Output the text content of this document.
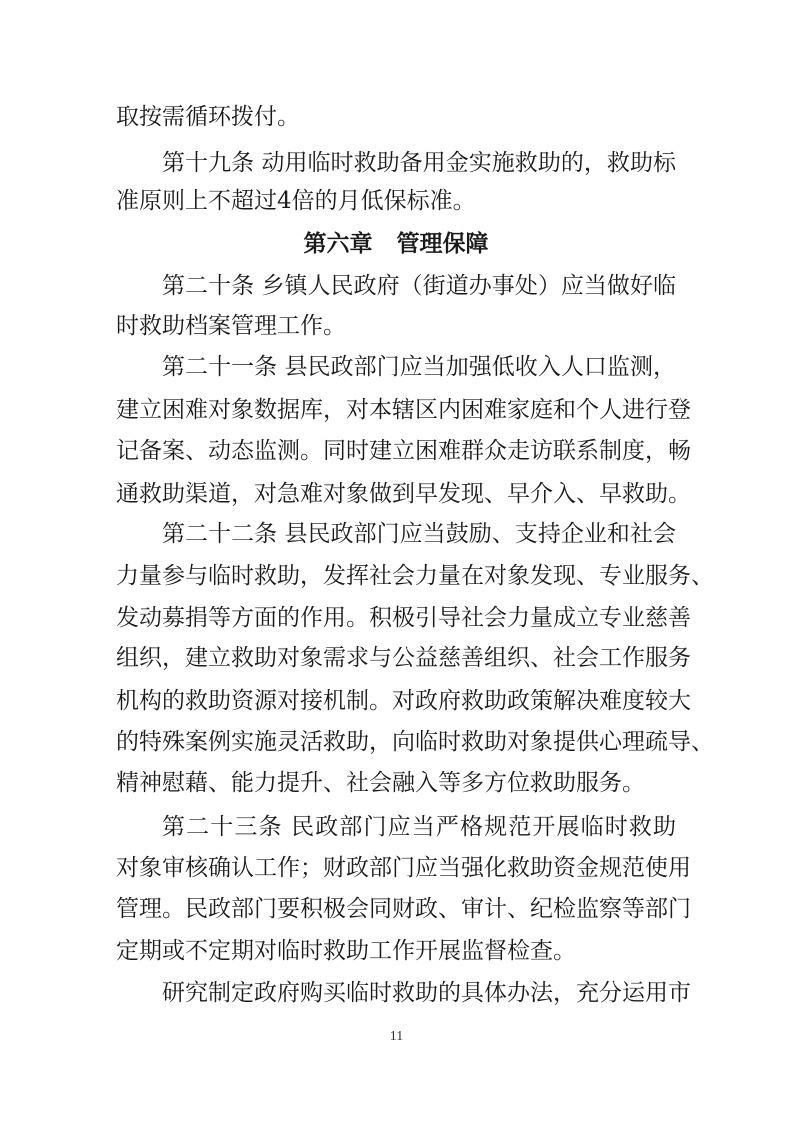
取按需循环拨付。
第十九条 动用临时救助备用金实施救助的，救助标
准原则上不超过4倍的月低保标准。
第六章   管理保障
第二十条 乡镇人民政府（街道办事处）应当做好临
时救助档案管理工作。
第二十一条 县民政部门应当加强低收入人口监测，
建立困难对象数据库，对本辖区内困难家庭和个人进行登
记备案、动态监测。同时建立困难群众走访联系制度，畅
通救助渠道，对急难对象做到早发现、早介入、早救助。
第二十二条 县民政部门应当鼓励、支持企业和社会
力量参与临时救助，发挥社会力量在对象发现、专业服务、
发动募捐等方面的作用。积极引导社会力量成立专业慈善
组织，建立救助对象需求与公益慈善组织、社会工作服务
机构的救助资源对接机制。对政府救助政策解决难度较大
的特殊案例实施灵活救助，向临时救助对象提供心理疏导、
精神慰藉、能力提升、社会融入等多方位救助服务。
第二十三条 民政部门应当严格规范开展临时救助
对象审核确认工作；财政部门应当强化救助资金规范使用
管理。民政部门要积极会同财政、审计、纪检监察等部门
定期或不定期对临时救助工作开展监督检查。
研究制定政府购买临时救助的具体办法，充分运用市
11
